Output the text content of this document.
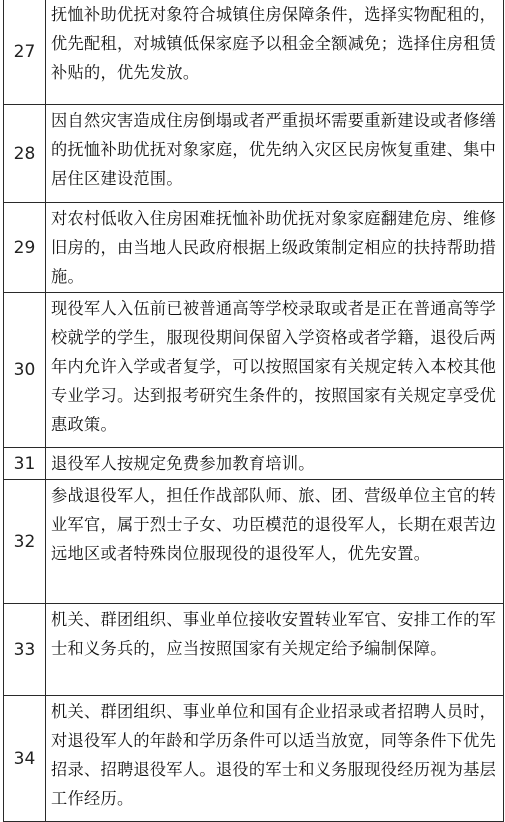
27	抚恤补助优抚对象符合城镇住房保障条件，选择实物配租的，优先配租，对城镇低保家庭予以租金全额减免；选择住房租赁补贴的，优先发放。
28	因自然灾害造成住房倒塌或者严重损坏需要重新建设或者修缮的抚恤补助优抚对象家庭，优先纳入灾区民房恢复重建、集中居住区建设范围。
29	对农村低收入住房困难抚恤补助优抚对象家庭翻建危房、维修旧房的，由当地人民政府根据上级政策制定相应的扶持帮助措施。
30	现役军人入伍前已被普通高等学校录取或者是正在普通高等学校就学的学生，服现役期间保留入学资格或者学籍，退役后两年内允许入学或者复学，可以按照国家有关规定转入本校其他专业学习。达到报考研究生条件的，按照国家有关规定享受优惠政策。
31	退役军人按规定免费参加教育培训。
32	参战退役军人，担任作战部队师、旅、团、营级单位主官的转业军官，属于烈士子女、功臣模范的退役军人，长期在艰苦边远地区或者特殊岗位服现役的退役军人，优先安置。
33	机关、群团组织、事业单位接收安置转业军官、安排工作的军士和义务兵的，应当按照国家有关规定给予编制保障。
34	机关、群团组织、事业单位和国有企业招录或者招聘人员时，对退役军人的年龄和学历条件可以适当放宽，同等条件下优先招录、招聘退役军人。退役的军士和义务服现役经历视为基层工作经历。
